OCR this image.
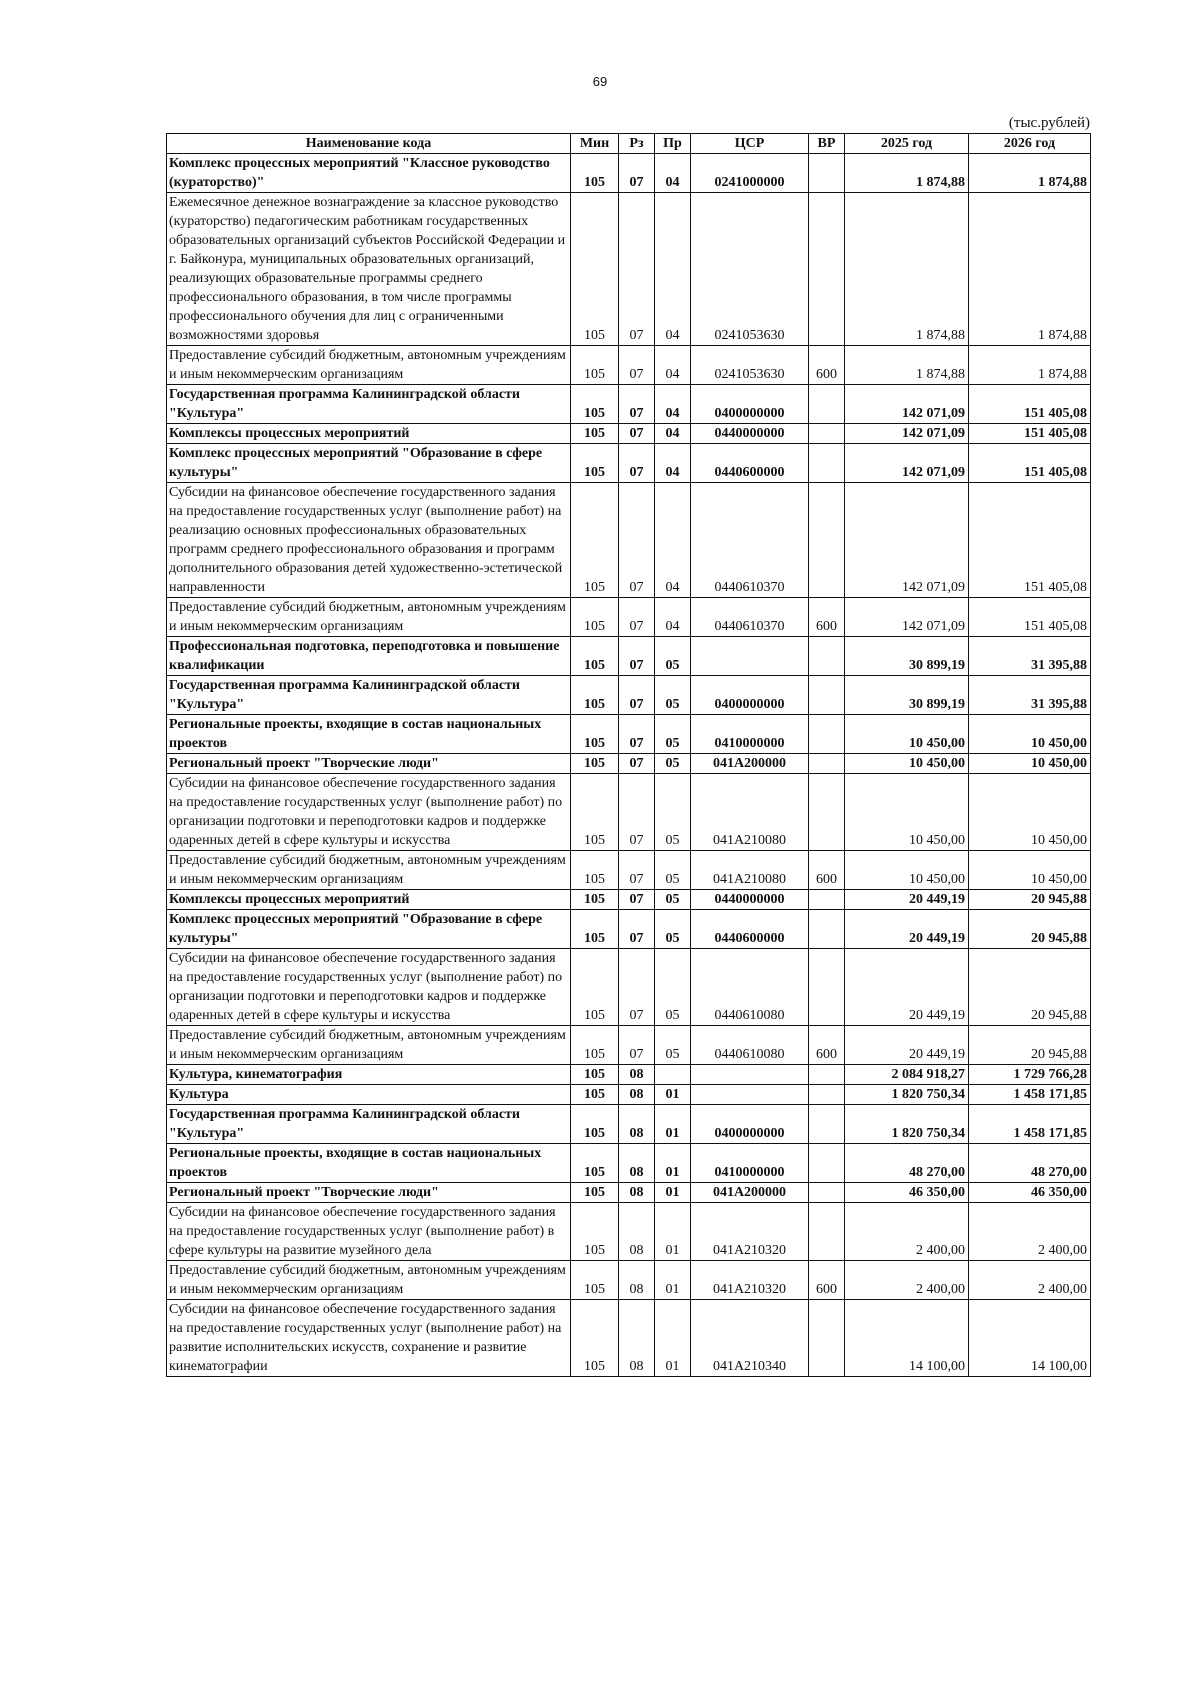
69
(тыс.рублей)
Наименование кода	Мин	Рз	Пр	ЦСР	ВР	2025 год	2026 год
Комплекс процессных мероприятий "Классное руководство (кураторство)"	105	07	04	0241000000		1 874,88	1 874,88
Ежемесячное денежное вознаграждение за классное руководство (кураторство) педагогическим работникам государственных образовательных организаций субъектов Российской Федерации и г. Байконура, муниципальных образовательных организаций, реализующих образовательные программы среднего профессионального образования, в том числе программы профессионального обучения для лиц с ограниченными возможностями здоровья	105	07	04	0241053630		1 874,88	1 874,88
Предоставление субсидий бюджетным, автономным учреждениям и иным некоммерческим организациям	105	07	04	0241053630	600	1 874,88	1 874,88
Государственная программа Калининградской области "Культура"	105	07	04	0400000000		142 071,09	151 405,08
Комплексы процессных мероприятий	105	07	04	0440000000		142 071,09	151 405,08
Комплекс процессных мероприятий "Образование в сфере культуры"	105	07	04	0440600000		142 071,09	151 405,08
Субсидии на финансовое обеспечение государственного задания на предоставление государственных услуг (выполнение работ) на реализацию основных профессиональных образовательных программ среднего профессионального образования и программ дополнительного образования детей художественно-эстетической направленности	105	07	04	0440610370		142 071,09	151 405,08
Предоставление субсидий бюджетным, автономным учреждениям и иным некоммерческим организациям	105	07	04	0440610370	600	142 071,09	151 405,08
Профессиональная подготовка, переподготовка и повышение квалификации	105	07	05			30 899,19	31 395,88
Государственная программа Калининградской области "Культура"	105	07	05	0400000000		30 899,19	31 395,88
Региональные проекты, входящие в состав национальных проектов	105	07	05	0410000000		10 450,00	10 450,00
Региональный проект "Творческие люди"	105	07	05	041A200000		10 450,00	10 450,00
Субсидии на финансовое обеспечение государственного задания на предоставление государственных услуг (выполнение работ) по организации подготовки и переподготовки кадров и поддержке одаренных детей в сфере культуры и искусства	105	07	05	041A210080		10 450,00	10 450,00
Предоставление субсидий бюджетным, автономным учреждениям и иным некоммерческим организациям	105	07	05	041A210080	600	10 450,00	10 450,00
Комплексы процессных мероприятий	105	07	05	0440000000		20 449,19	20 945,88
Комплекс процессных мероприятий "Образование в сфере культуры"	105	07	05	0440600000		20 449,19	20 945,88
Субсидии на финансовое обеспечение государственного задания на предоставление государственных услуг (выполнение работ) по организации подготовки и переподготовки кадров и поддержке одаренных детей в сфере культуры и искусства	105	07	05	0440610080		20 449,19	20 945,88
Предоставление субсидий бюджетным, автономным учреждениям и иным некоммерческим организациям	105	07	05	0440610080	600	20 449,19	20 945,88
Культура, кинематография	105	08				2 084 918,27	1 729 766,28
Культура	105	08	01			1 820 750,34	1 458 171,85
Государственная программа Калининградской области "Культура"	105	08	01	0400000000		1 820 750,34	1 458 171,85
Региональные проекты, входящие в состав национальных проектов	105	08	01	0410000000		48 270,00	48 270,00
Региональный проект "Творческие люди"	105	08	01	041A200000		46 350,00	46 350,00
Субсидии на финансовое обеспечение государственного задания на предоставление государственных услуг (выполнение работ) в сфере культуры на развитие музейного дела	105	08	01	041A210320		2 400,00	2 400,00
Предоставление субсидий бюджетным, автономным учреждениям и иным некоммерческим организациям	105	08	01	041A210320	600	2 400,00	2 400,00
Субсидии на финансовое обеспечение государственного задания на предоставление государственных услуг (выполнение работ) на развитие исполнительских искусств, сохранение и развитие кинематографии	105	08	01	041A210340		14 100,00	14 100,00
